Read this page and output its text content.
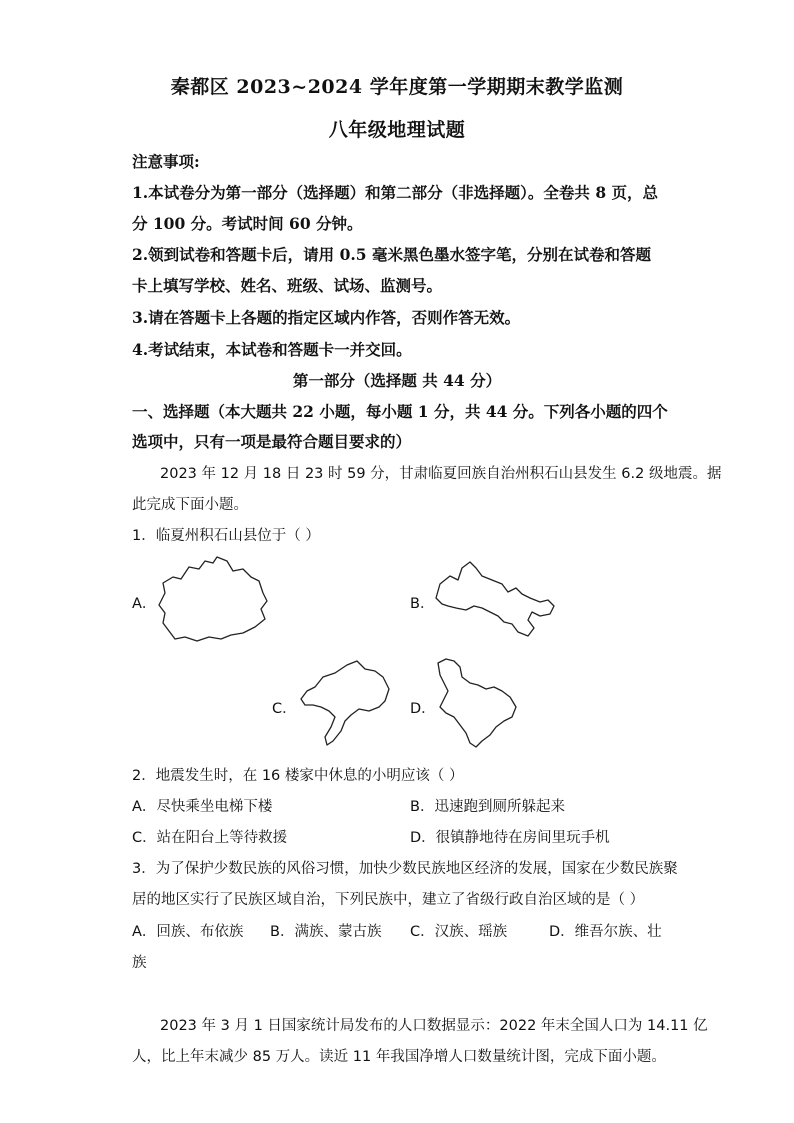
秦都区 2023~2024 学年度第一学期期末教学监测
八年级地理试题
注意事项:
1.本试卷分为第一部分（选择题）和第二部分（非选择题）。全卷共 8 页，总
分 100 分。考试时间 60 分钟。
2.领到试卷和答题卡后，请用 0.5 毫米黑色墨水签字笔，分别在试卷和答题
卡上填写学校、姓名、班级、试场、监测号。
3.请在答题卡上各题的指定区域内作答，否则作答无效。
4.考试结束，本试卷和答题卡一并交回。
第一部分（选择题 共 44 分）
一、选择题（本大题共 22 小题，每小题 1 分，共 44 分。下列各小题的四个
选项中，只有一项是最符合题目要求的）
2023 年 12 月 18 日 23 时 59 分，甘肃临夏回族自治州积石山县发生 6.2 级地震。据
此完成下面小题。
1．临夏州积石山县位于（ ）
A．	B．
C．	D．
2．地震发生时，在 16 楼家中休息的小明应该（ ）
A．尽快乘坐电梯下楼	B．迅速跑到厕所躲起来
C．站在阳台上等待救援	D．很镇静地待在房间里玩手机
3．为了保护少数民族的风俗习惯，加快少数民族地区经济的发展，国家在少数民族聚
居的地区实行了民族区域自治，下列民族中，建立了省级行政自治区域的是（ ）
A．回族、布依族 B．满族、蒙古族 C．汉族、瑶族	D．维吾尔族、壮
族
2023 年 3 月 1 日国家统计局发布的人口数据显示：2022 年末全国人口为 14.11 亿
人，比上年末减少 85 万人。读近 11 年我国净增人口数量统计图，完成下面小题。
